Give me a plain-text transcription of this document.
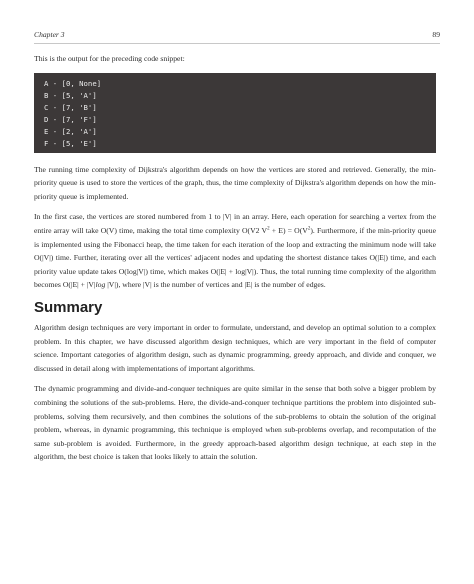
Chapter 3	89

This is the output for the preceding code snippet:

A - [0, None]
B - [5, 'A']
C - [7, 'B']
D - [7, 'F']
E - [2, 'A']
F - [5, 'E']

The running time complexity of Dijkstra's algorithm depends on how the vertices are stored and retrieved. Generally, the min-priority queue is used to store the vertices of the graph, thus, the time complexity of Dijkstra's algorithm depends on how the min-priority queue is implemented.

In the first case, the vertices are stored numbered from 1 to |V| in an array. Here, each operation for searching a vertex from the entire array will take O(V) time, making the total time complexity O(V2 $V^2 + E) = O(V^2)$. Furthermore, if the min-priority queue is implemented using the Fibonacci heap, the time taken for each iteration of the loop and extracting the minimum node will take O(|V|) time. Further, iterating over all the vertices' adjacent nodes and updating the shortest distance takes O(|E|) time, and each priority value update takes O(log|V|) time, which makes O(|E| + log|V|). Thus, the total running time complexity of the algorithm becomes O(|E| + |V|log |V|), where |V| is the number of vertices and |E| is the number of edges.

Summary

Algorithm design techniques are very important in order to formulate, understand, and develop an optimal solution to a complex problem. In this chapter, we have discussed algorithm design techniques, which are very important in the field of computer science. Important categories of algorithm design, such as dynamic programming, greedy approach, and divide and conquer, we discussed in detail along with implementations of important algorithms.

The dynamic programming and divide-and-conquer techniques are quite similar in the sense that both solve a bigger problem by combining the solutions of the sub-problems. Here, the divide-and-conquer technique partitions the problem into disjointed sub-problems, solving them recursively, and then combines the solutions of the sub-problems to obtain the solution of the original problem, whereas, in dynamic programming, this technique is employed when sub-problems overlap, and recomputation of the same sub-problem is avoided. Furthermore, in the greedy approach-based algorithm design technique, at each step in the algorithm, the best choice is taken that looks likely to attain the solution.
